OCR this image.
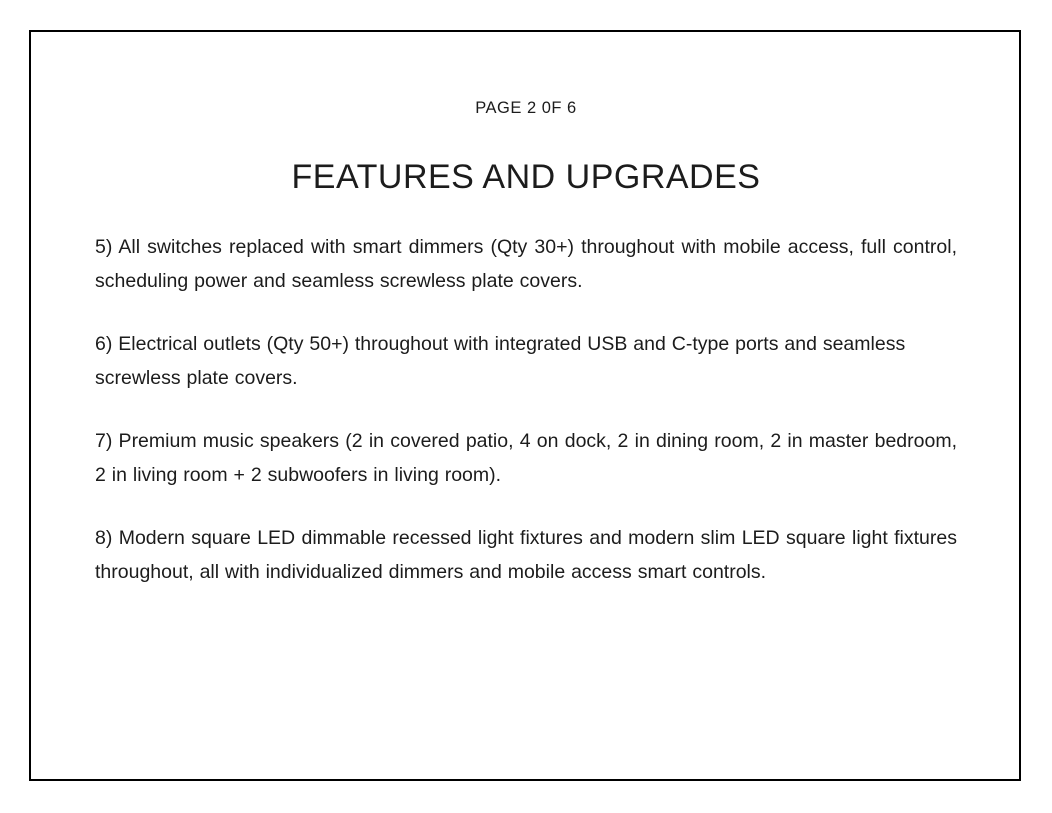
PAGE 2 0F 6
FEATURES AND UPGRADES

5) All switches replaced with smart dimmers (Qty 30+) throughout with mobile access, full control, scheduling power and seamless screwless plate covers.

6) Electrical outlets (Qty 50+) throughout with integrated USB and C-type ports and seamless screwless plate covers.

7) Premium music speakers (2 in covered patio, 4 on dock, 2 in dining room, 2 in master bedroom, 2 in living room + 2 subwoofers in living room).

8) Modern square LED dimmable recessed light fixtures and modern slim LED square light fixtures throughout, all with individualized dimmers and mobile access smart controls.
